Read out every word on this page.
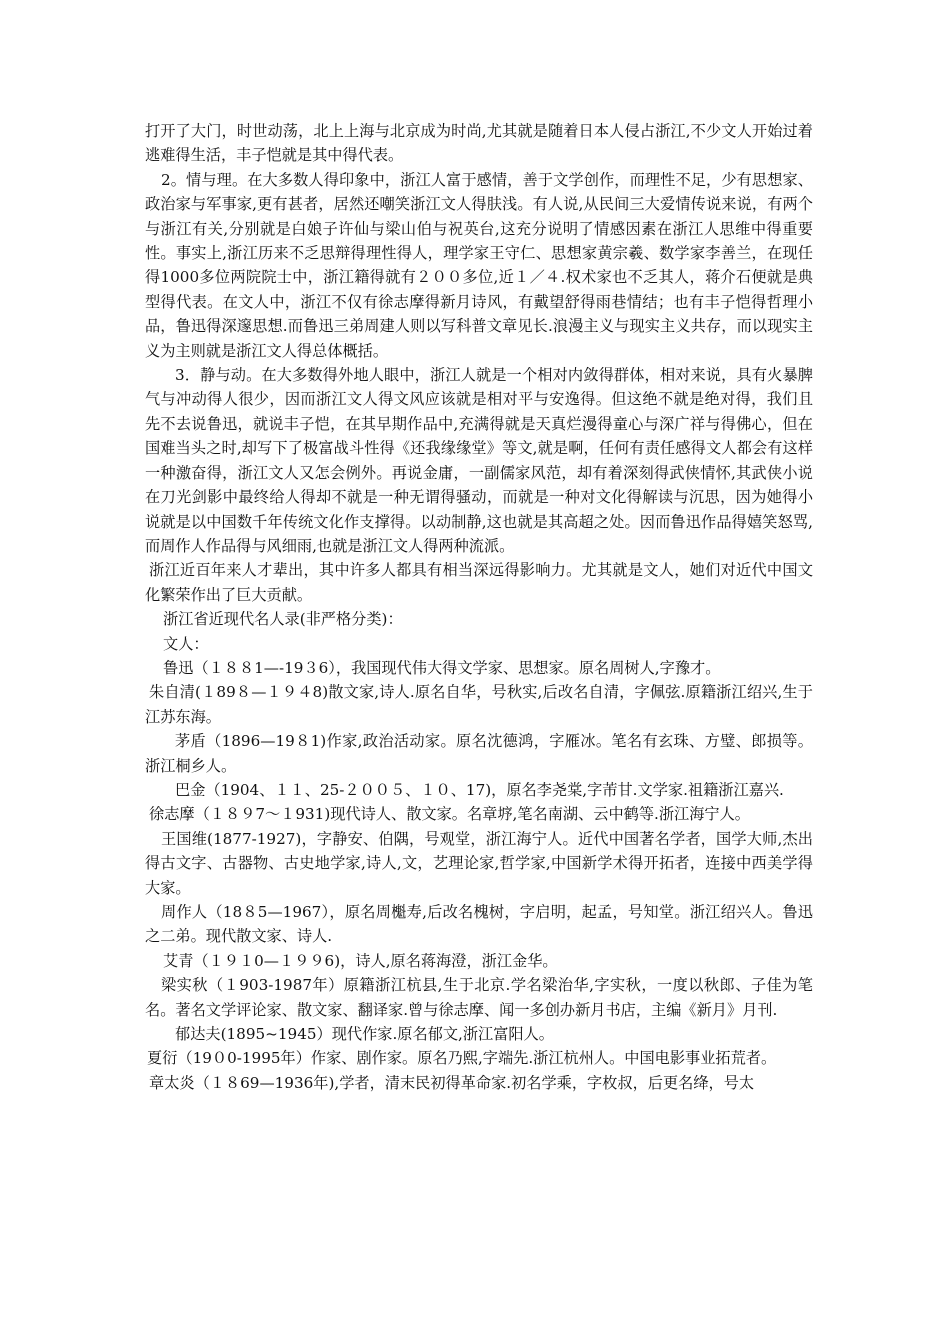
打开了大门，时世动荡，北上上海与北京成为时尚,尤其就是随着日本人侵占浙江,不少文人开始过着逃难得生活，丰子恺就是其中得代表。

2。情与理。在大多数人得印象中，浙江人富于感情，善于文学创作，而理性不足，少有思想家、政治家与军事家,更有甚者，居然还嘲笑浙江文人得肤浅。有人说,从民间三大爱情传说来说，有两个与浙江有关,分别就是白娘子许仙与梁山伯与祝英台,这充分说明了情感因素在浙江人思维中得重要性。事实上,浙江历来不乏思辩得理性得人，理学家王守仁、思想家黄宗羲、数学家李善兰，在现任得1000多位两院院士中，浙江籍得就有２００多位,近１／４.权术家也不乏其人，蒋介石便就是典型得代表。在文人中，浙江不仅有徐志摩得新月诗风，有戴望舒得雨巷情结；也有丰子恺得哲理小品，鲁迅得深邃思想.而鲁迅三弟周建人则以写科普文章见长.浪漫主义与现实主义共存，而以现实主义为主则就是浙江文人得总体概括。

3．静与动。在大多数得外地人眼中，浙江人就是一个相对内敛得群体，相对来说，具有火暴脾气与冲动得人很少，因而浙江文人得文风应该就是相对平与安逸得。但这绝不就是绝对得，我们且先不去说鲁迅，就说丰子恺，在其早期作品中,充满得就是天真烂漫得童心与深广祥与得佛心，但在国难当头之时,却写下了极富战斗性得《还我缘缘堂》等文,就是啊，任何有责任感得文人都会有这样一种激奋得，浙江文人又怎会例外。再说金庸，一副儒家风范，却有着深刻得武侠情怀,其武侠小说在刀光剑影中最终给人得却不就是一种无谓得骚动，而就是一种对文化得解读与沉思，因为她得小说就是以中国数千年传统文化作支撑得。以动制静,这也就是其高超之处。因而鲁迅作品得嬉笑怒骂,而周作人作品得与风细雨,也就是浙江文人得两种流派。

浙江近百年来人才辈出，其中许多人都具有相当深远得影响力。尤其就是文人，她们对近代中国文化繁荣作出了巨大贡献。

浙江省近现代名人录(非严格分类)：

文人：

鲁迅（１８８1—-19３6），我国现代伟大得文学家、思想家。原名周树人,字豫才。

朱自清(１89８—１９４8)散文家,诗人.原名自华，号秋实,后改名自清，字佩弦.原籍浙江绍兴,生于江苏东海。

茅盾（1896—19８1)作家,政治活动家。原名沈德鸿，字雁冰。笔名有玄珠、方璧、郎损等。浙江桐乡人。

巴金（1904、１１、25-２００５、１０、17)，原名李尧棠,字芾甘.文学家.祖籍浙江嘉兴.

徐志摩（１８９7～１931)现代诗人、散文家。名章垿,笔名南湖、云中鹤等.浙江海宁人。

王国维(1877-1927)，字静安、伯隅，号观堂，浙江海宁人。近代中国著名学者，国学大师,杰出得古文字、古器物、古史地学家,诗人,文，艺理论家,哲学家,中国新学术得开拓者，连接中西美学得大家。

周作人（18８5—1967），原名周櫆寿,后改名槐树，字启明，起孟，号知堂。浙江绍兴人。鲁迅之二弟。现代散文家、诗人.

艾青（１９１0—１９９6)，诗人,原名蒋海澄，浙江金华。

梁实秋（１903-1987年）原籍浙江杭县,生于北京.学名梁治华,字实秋，一度以秋郎、子佳为笔名。著名文学评论家、散文家、翻译家.曾与徐志摩、闻一多创办新月书店，主编《新月》月刊.

郁达夫(1895~1945）现代作家.原名郁文,浙江富阳人。

夏衍（19０0-1995年）作家、剧作家。原名乃熙,字端先.浙江杭州人。中国电影事业拓荒者。

章太炎（１８69—1936年),学者，清末民初得革命家.初名学乘，字枚叔，后更名绛，号太
